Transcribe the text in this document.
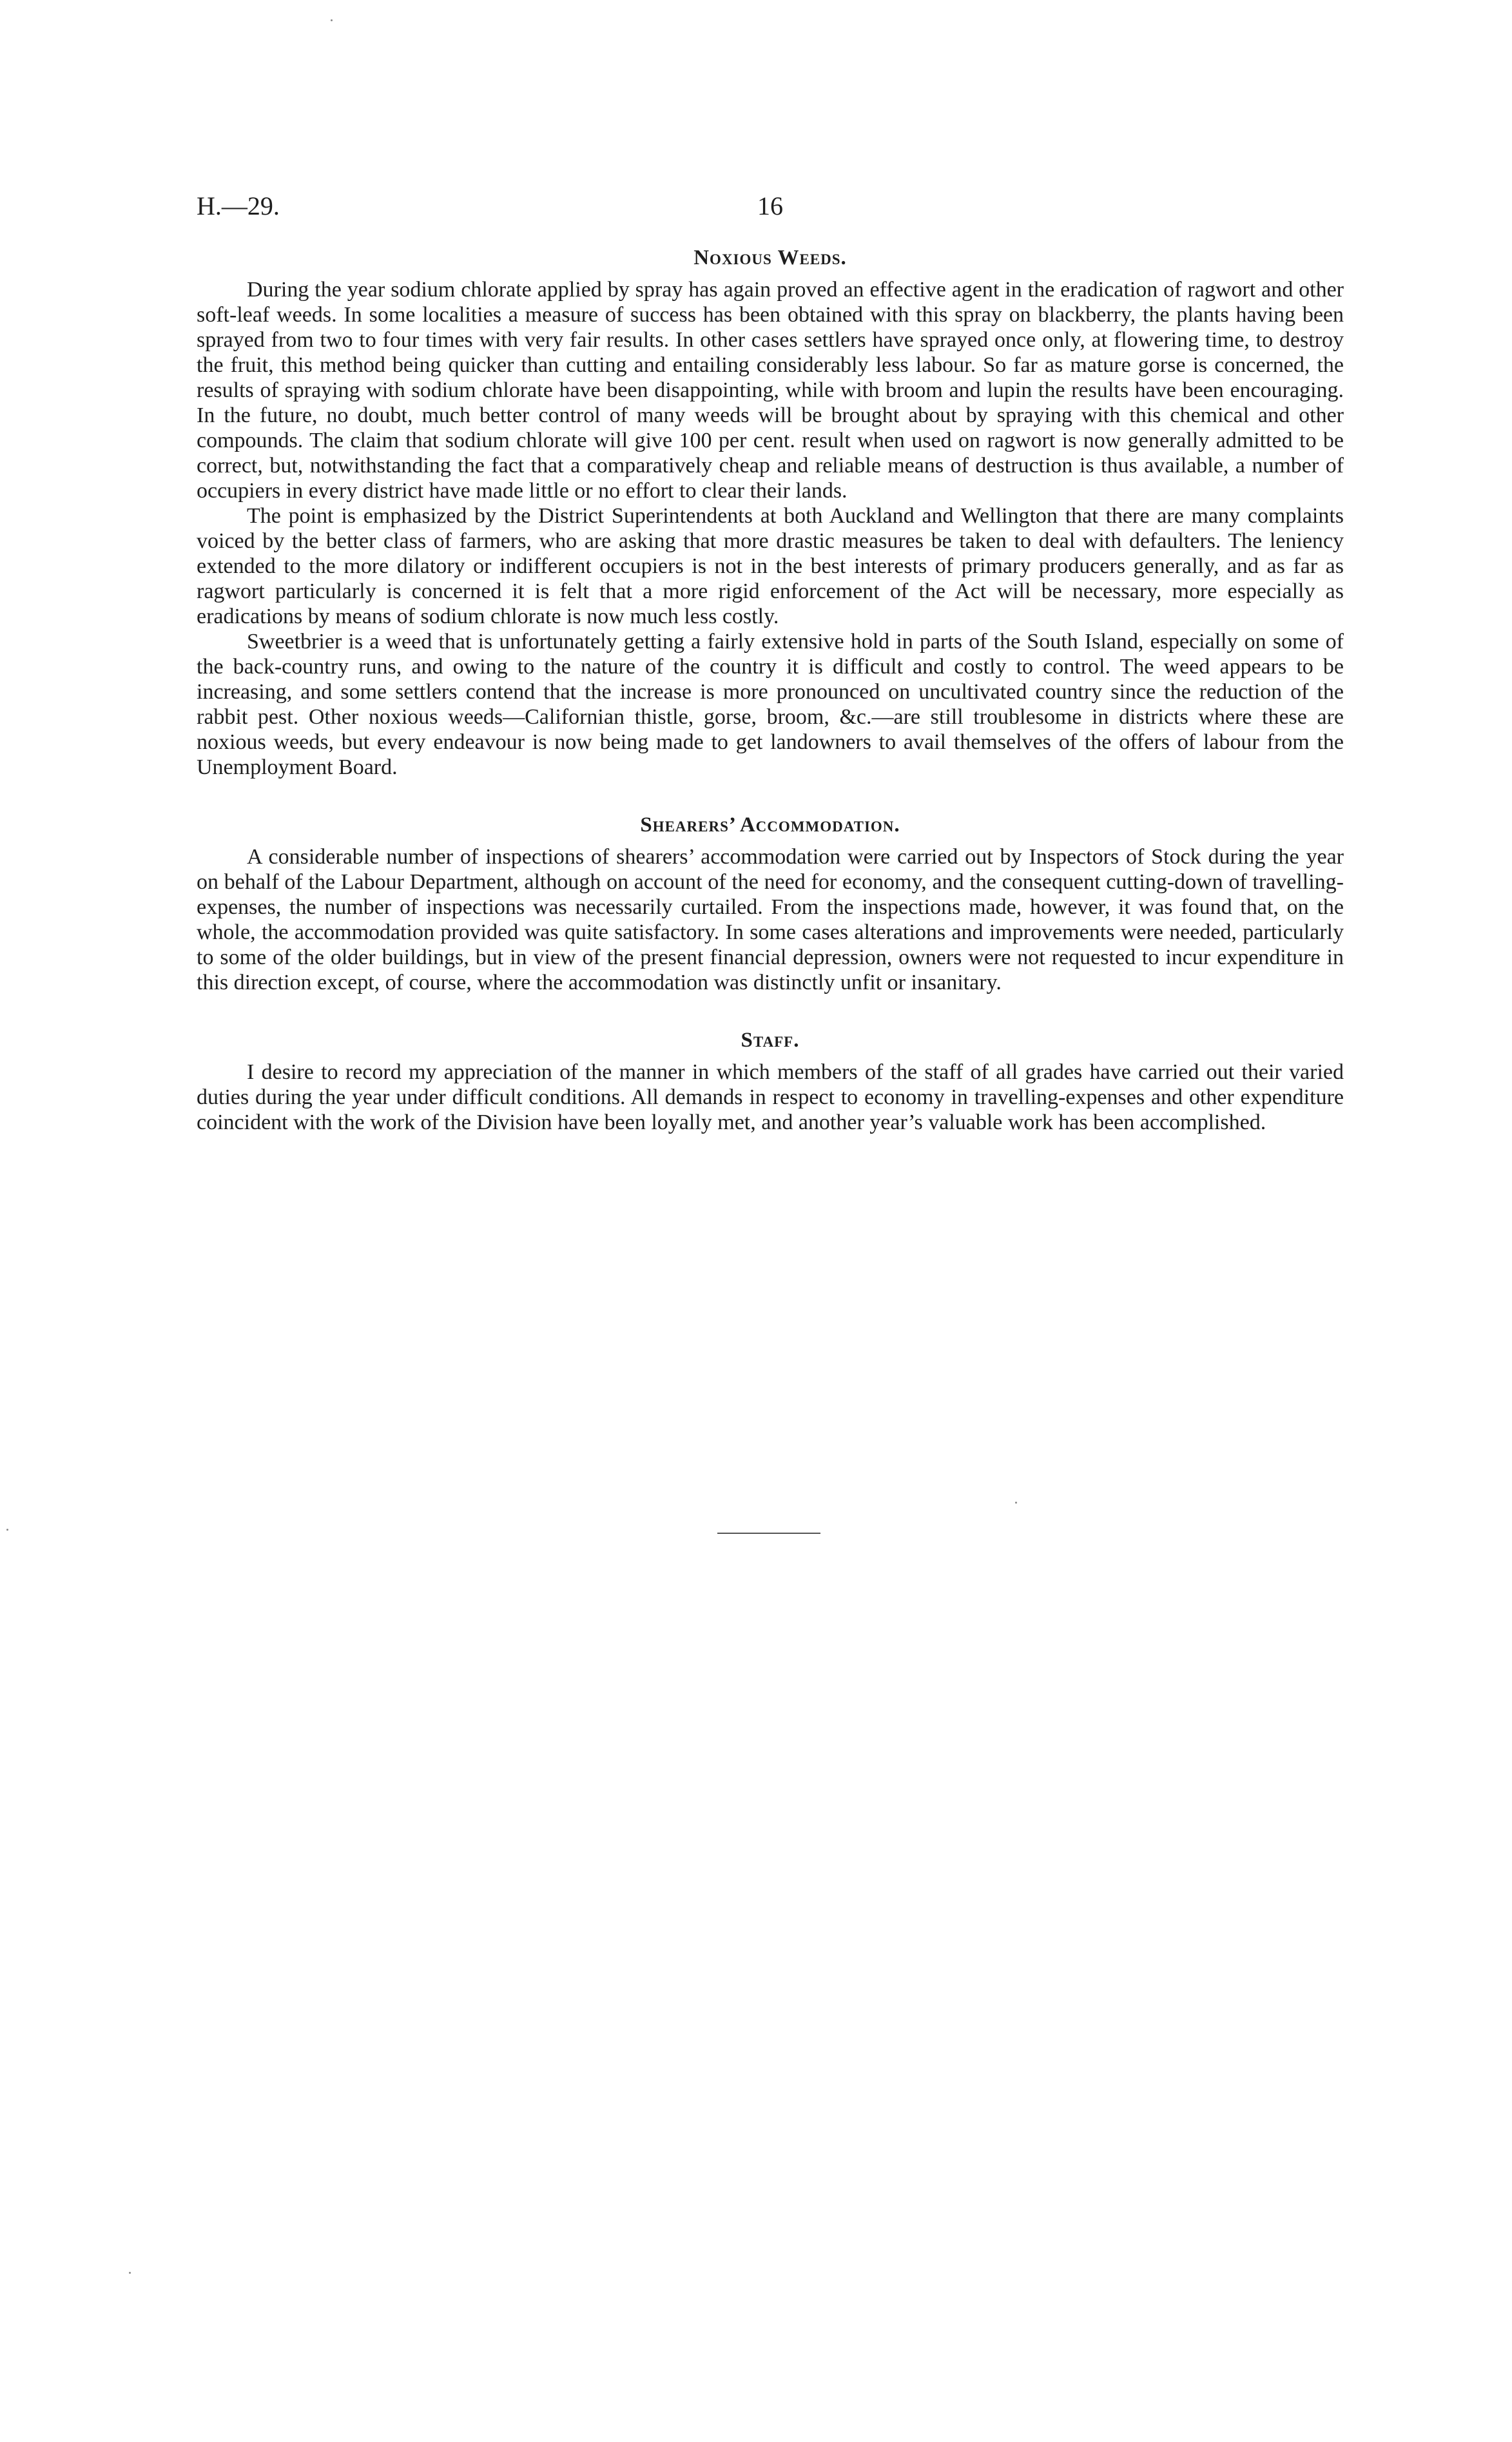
H.—29.	16
Noxious Weeds.

During the year sodium chlorate applied by spray has again proved an effective agent in the eradication of ragwort and other soft-leaf weeds. In some localities a measure of success has been obtained with this spray on blackberry, the plants having been sprayed from two to four times with very fair results. In other cases settlers have sprayed once only, at flowering time, to destroy the fruit, this method being quicker than cutting and entailing considerably less labour. So far as mature gorse is concerned, the results of spraying with sodium chlorate have been disappointing, while with broom and lupin the results have been encouraging. In the future, no doubt, much better control of many weeds will be brought about by spraying with this chemical and other compounds. The claim that sodium chlorate will give 100 per cent. result when used on ragwort is now generally admitted to be correct, but, notwithstanding the fact that a comparatively cheap and reliable means of destruction is thus available, a number of occupiers in every district have made little or no effort to clear their lands.

The point is emphasized by the District Superintendents at both Auckland and Wellington that there are many complaints voiced by the better class of farmers, who are asking that more drastic measures be taken to deal with defaulters. The leniency extended to the more dilatory or indifferent occupiers is not in the best interests of primary producers generally, and as far as ragwort particularly is concerned it is felt that a more rigid enforcement of the Act will be necessary, more especially as eradications by means of sodium chlorate is now much less costly.

Sweetbrier is a weed that is unfortunately getting a fairly extensive hold in parts of the South Island, especially on some of the back-country runs, and owing to the nature of the country it is difficult and costly to control. The weed appears to be increasing, and some settlers contend that the increase is more pronounced on uncultivated country since the reduction of the rabbit pest. Other noxious weeds—Californian thistle, gorse, broom, &c.—are still troublesome in districts where these are noxious weeds, but every endeavour is now being made to get landowners to avail themselves of the offers of labour from the Unemployment Board.

Shearers’ Accommodation.

A considerable number of inspections of shearers’ accommodation were carried out by Inspectors of Stock during the year on behalf of the Labour Department, although on account of the need for economy, and the consequent cutting-down of travelling-expenses, the number of inspections was necessarily curtailed. From the inspections made, however, it was found that, on the whole, the accommodation provided was quite satisfactory. In some cases alterations and improvements were needed, particularly to some of the older buildings, but in view of the present financial depression, owners were not requested to incur expenditure in this direction except, of course, where the accommodation was distinctly unfit or insanitary.

Staff.

I desire to record my appreciation of the manner in which members of the staff of all grades have carried out their varied duties during the year under difficult conditions. All demands in respect to economy in travelling-expenses and other expenditure coincident with the work of the Division have been loyally met, and another year’s valuable work has been accomplished.
